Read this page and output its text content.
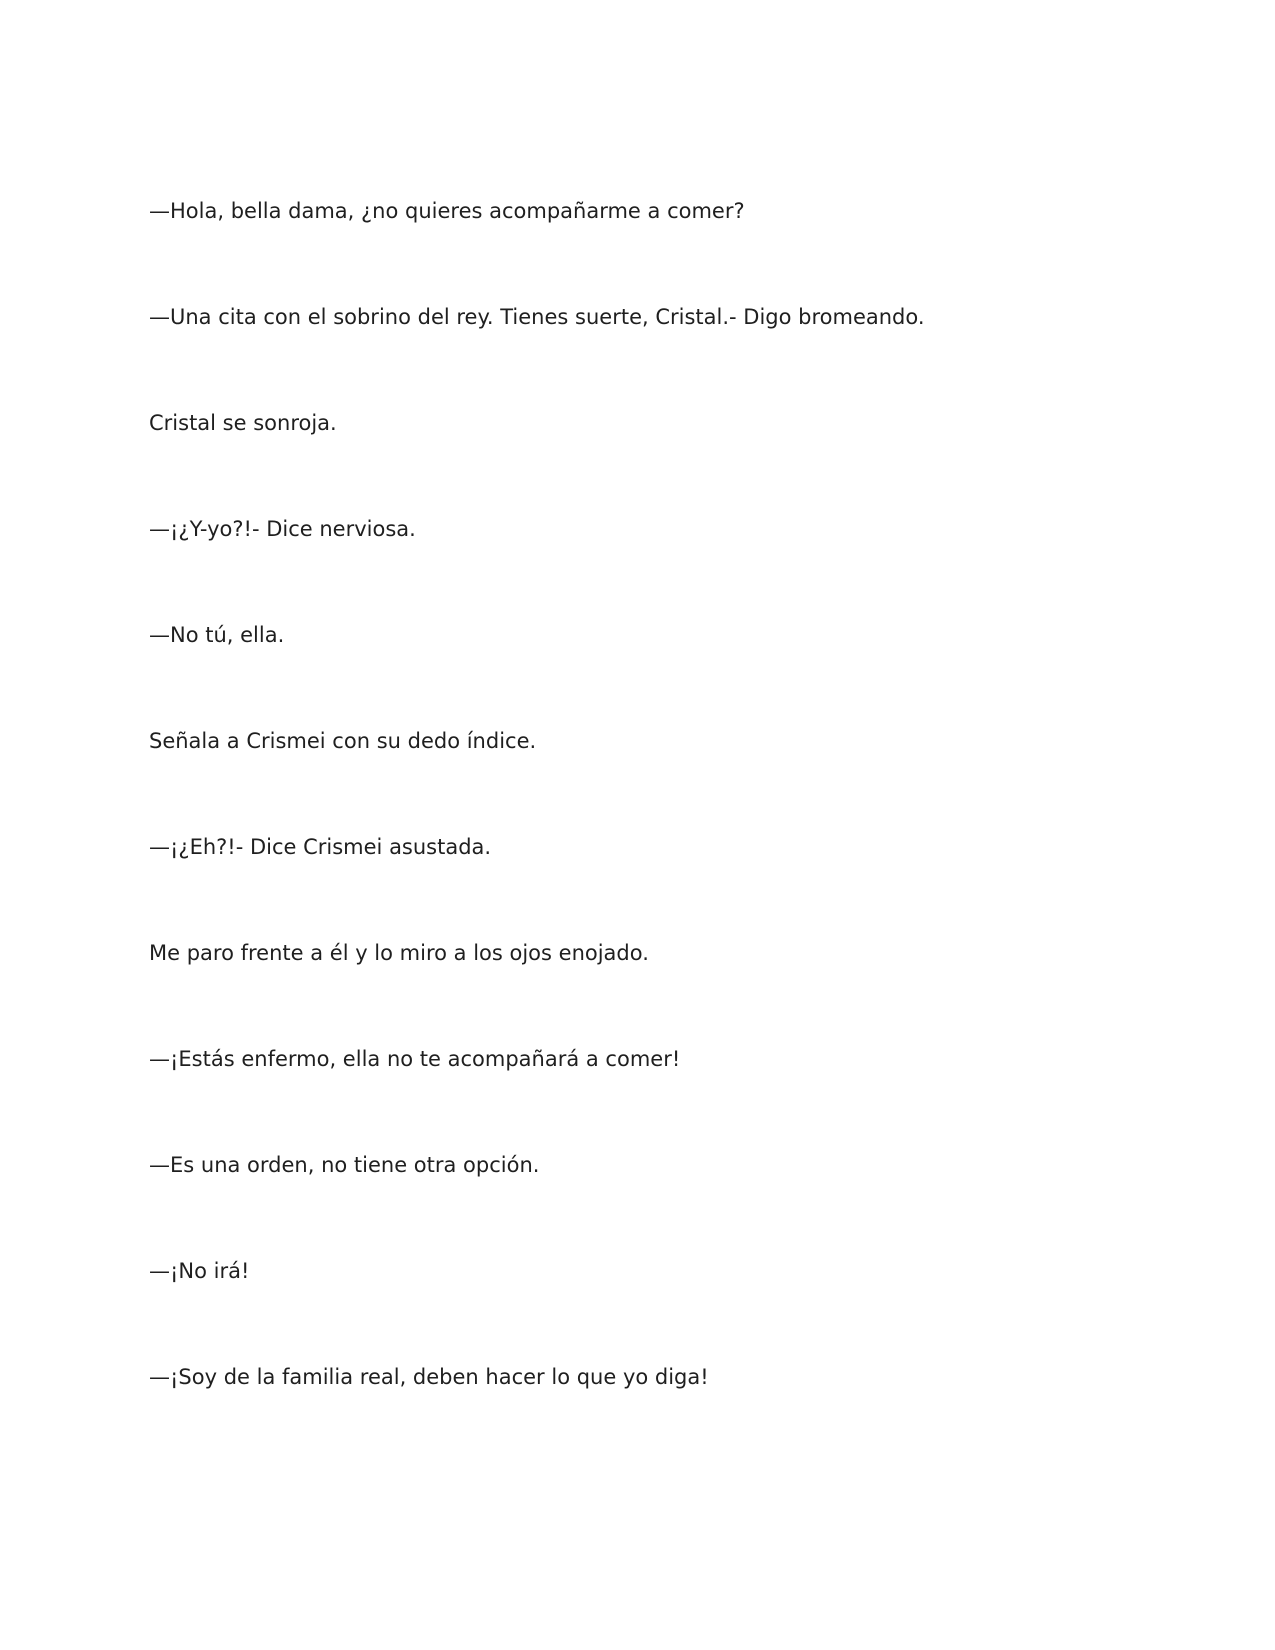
—Hola, bella dama, ¿no quieres acompañarme a comer?

—Una cita con el sobrino del rey. Tienes suerte, Cristal.- Digo bromeando.

Cristal se sonroja.

—¡¿Y-yo?!- Dice nerviosa.

—No tú, ella.

Señala a Crismei con su dedo índice.

—¡¿Eh?!- Dice Crismei asustada.

Me paro frente a él y lo miro a los ojos enojado.

—¡Estás enfermo, ella no te acompañará a comer!

—Es una orden, no tiene otra opción.

—¡No irá!

—¡Soy de la familia real, deben hacer lo que yo diga!
